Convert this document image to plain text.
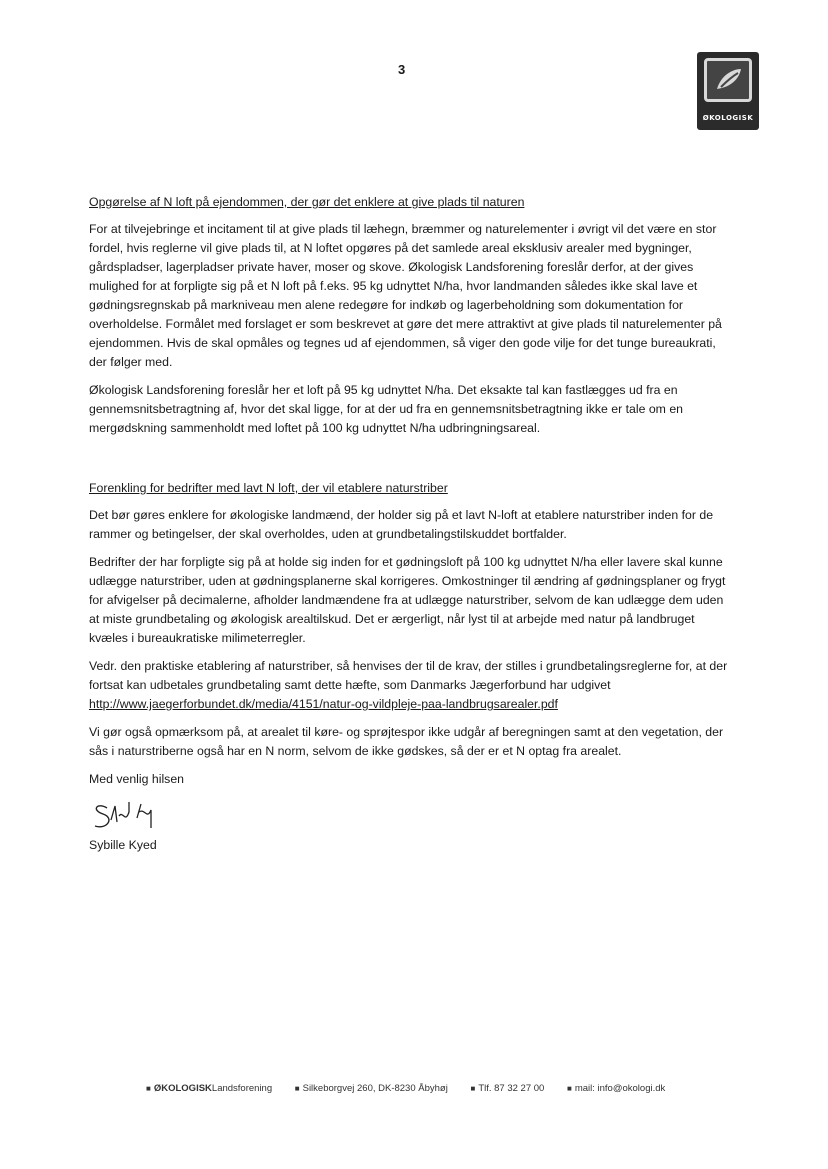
3
ØKOLOGISK
Opgørelse af N loft på ejendommen, der gør det enklere at give plads til naturen

For at tilvejebringe et incitament til at give plads til læhegn, bræmmer og naturelementer i øvrigt vil det være en stor fordel, hvis reglerne vil give plads til, at N loftet opgøres på det samlede areal eksklusiv arealer med bygninger, gårdspladser, lagerpladser private haver, moser og skove. Økologisk Landsforening foreslår derfor, at der gives mulighed for at forpligte sig på et N loft på f.eks. 95 kg udnyttet N/ha, hvor landmanden således ikke skal lave et gødningsregnskab på markniveau men alene redegøre for indkøb og lagerbeholdning som dokumentation for overholdelse. Formålet med forslaget er som beskrevet at gøre det mere attraktivt at give plads til naturelementer på ejendommen. Hvis de skal opmåles og tegnes ud af ejendommen, så viger den gode vilje for det tunge bureaukrati, der følger med.

Økologisk Landsforening foreslår her et loft på 95 kg udnyttet N/ha. Det eksakte tal kan fastlægges ud fra en gennemsnitsbetragtning af, hvor det skal ligge, for at der ud fra en gennemsnitsbetragtning ikke er tale om en mergødskning sammenholdt med loftet på 100 kg udnyttet N/ha udbringningsareal.

Forenkling for bedrifter med lavt N loft, der vil etablere naturstriber

Det bør gøres enklere for økologiske landmænd, der holder sig på et lavt N-loft at etablere naturstriber inden for de rammer og betingelser, der skal overholdes, uden at grundbetalingstilskuddet bortfalder.

Bedrifter der har forpligte sig på at holde sig inden for et gødningsloft på 100 kg udnyttet N/ha eller lavere skal kunne udlægge naturstriber, uden at gødningsplanerne skal korrigeres. Omkostninger til ændring af gødningsplaner og frygt for afvigelser på decimalerne, afholder landmændene fra at udlægge naturstriber, selvom de kan udlægge dem uden at miste grundbetaling og økologisk arealtilskud. Det er ærgerligt, når lyst til at arbejde med natur på landbruget kvæles i bureaukratiske milimeterregler.

Vedr. den praktiske etablering af naturstriber, så henvises der til de krav, der stilles i grundbetalingsreglerne for, at der fortsat kan udbetales grundbetaling samt dette hæfte, som Danmarks Jægerforbund har udgivet http://www.jaegerforbundet.dk/media/4151/natur-og-vildpleje-paa-landbrugsarealer.pdf

Vi gør også opmærksom på, at arealet til køre- og sprøjtespor ikke udgår af beregningen samt at den vegetation, der sås i naturstriberne også har en N norm, selvom de ikke gødskes, så der er et N optag fra arealet.

Med venlig hilsen

Sybille Kyed
■ ØKOLOGISKLandsforening	■ Silkeborgvej 260, DK-8230 Åbyhøj	■ Tlf. 87 32 27 00	■ mail: info@okologi.dk
